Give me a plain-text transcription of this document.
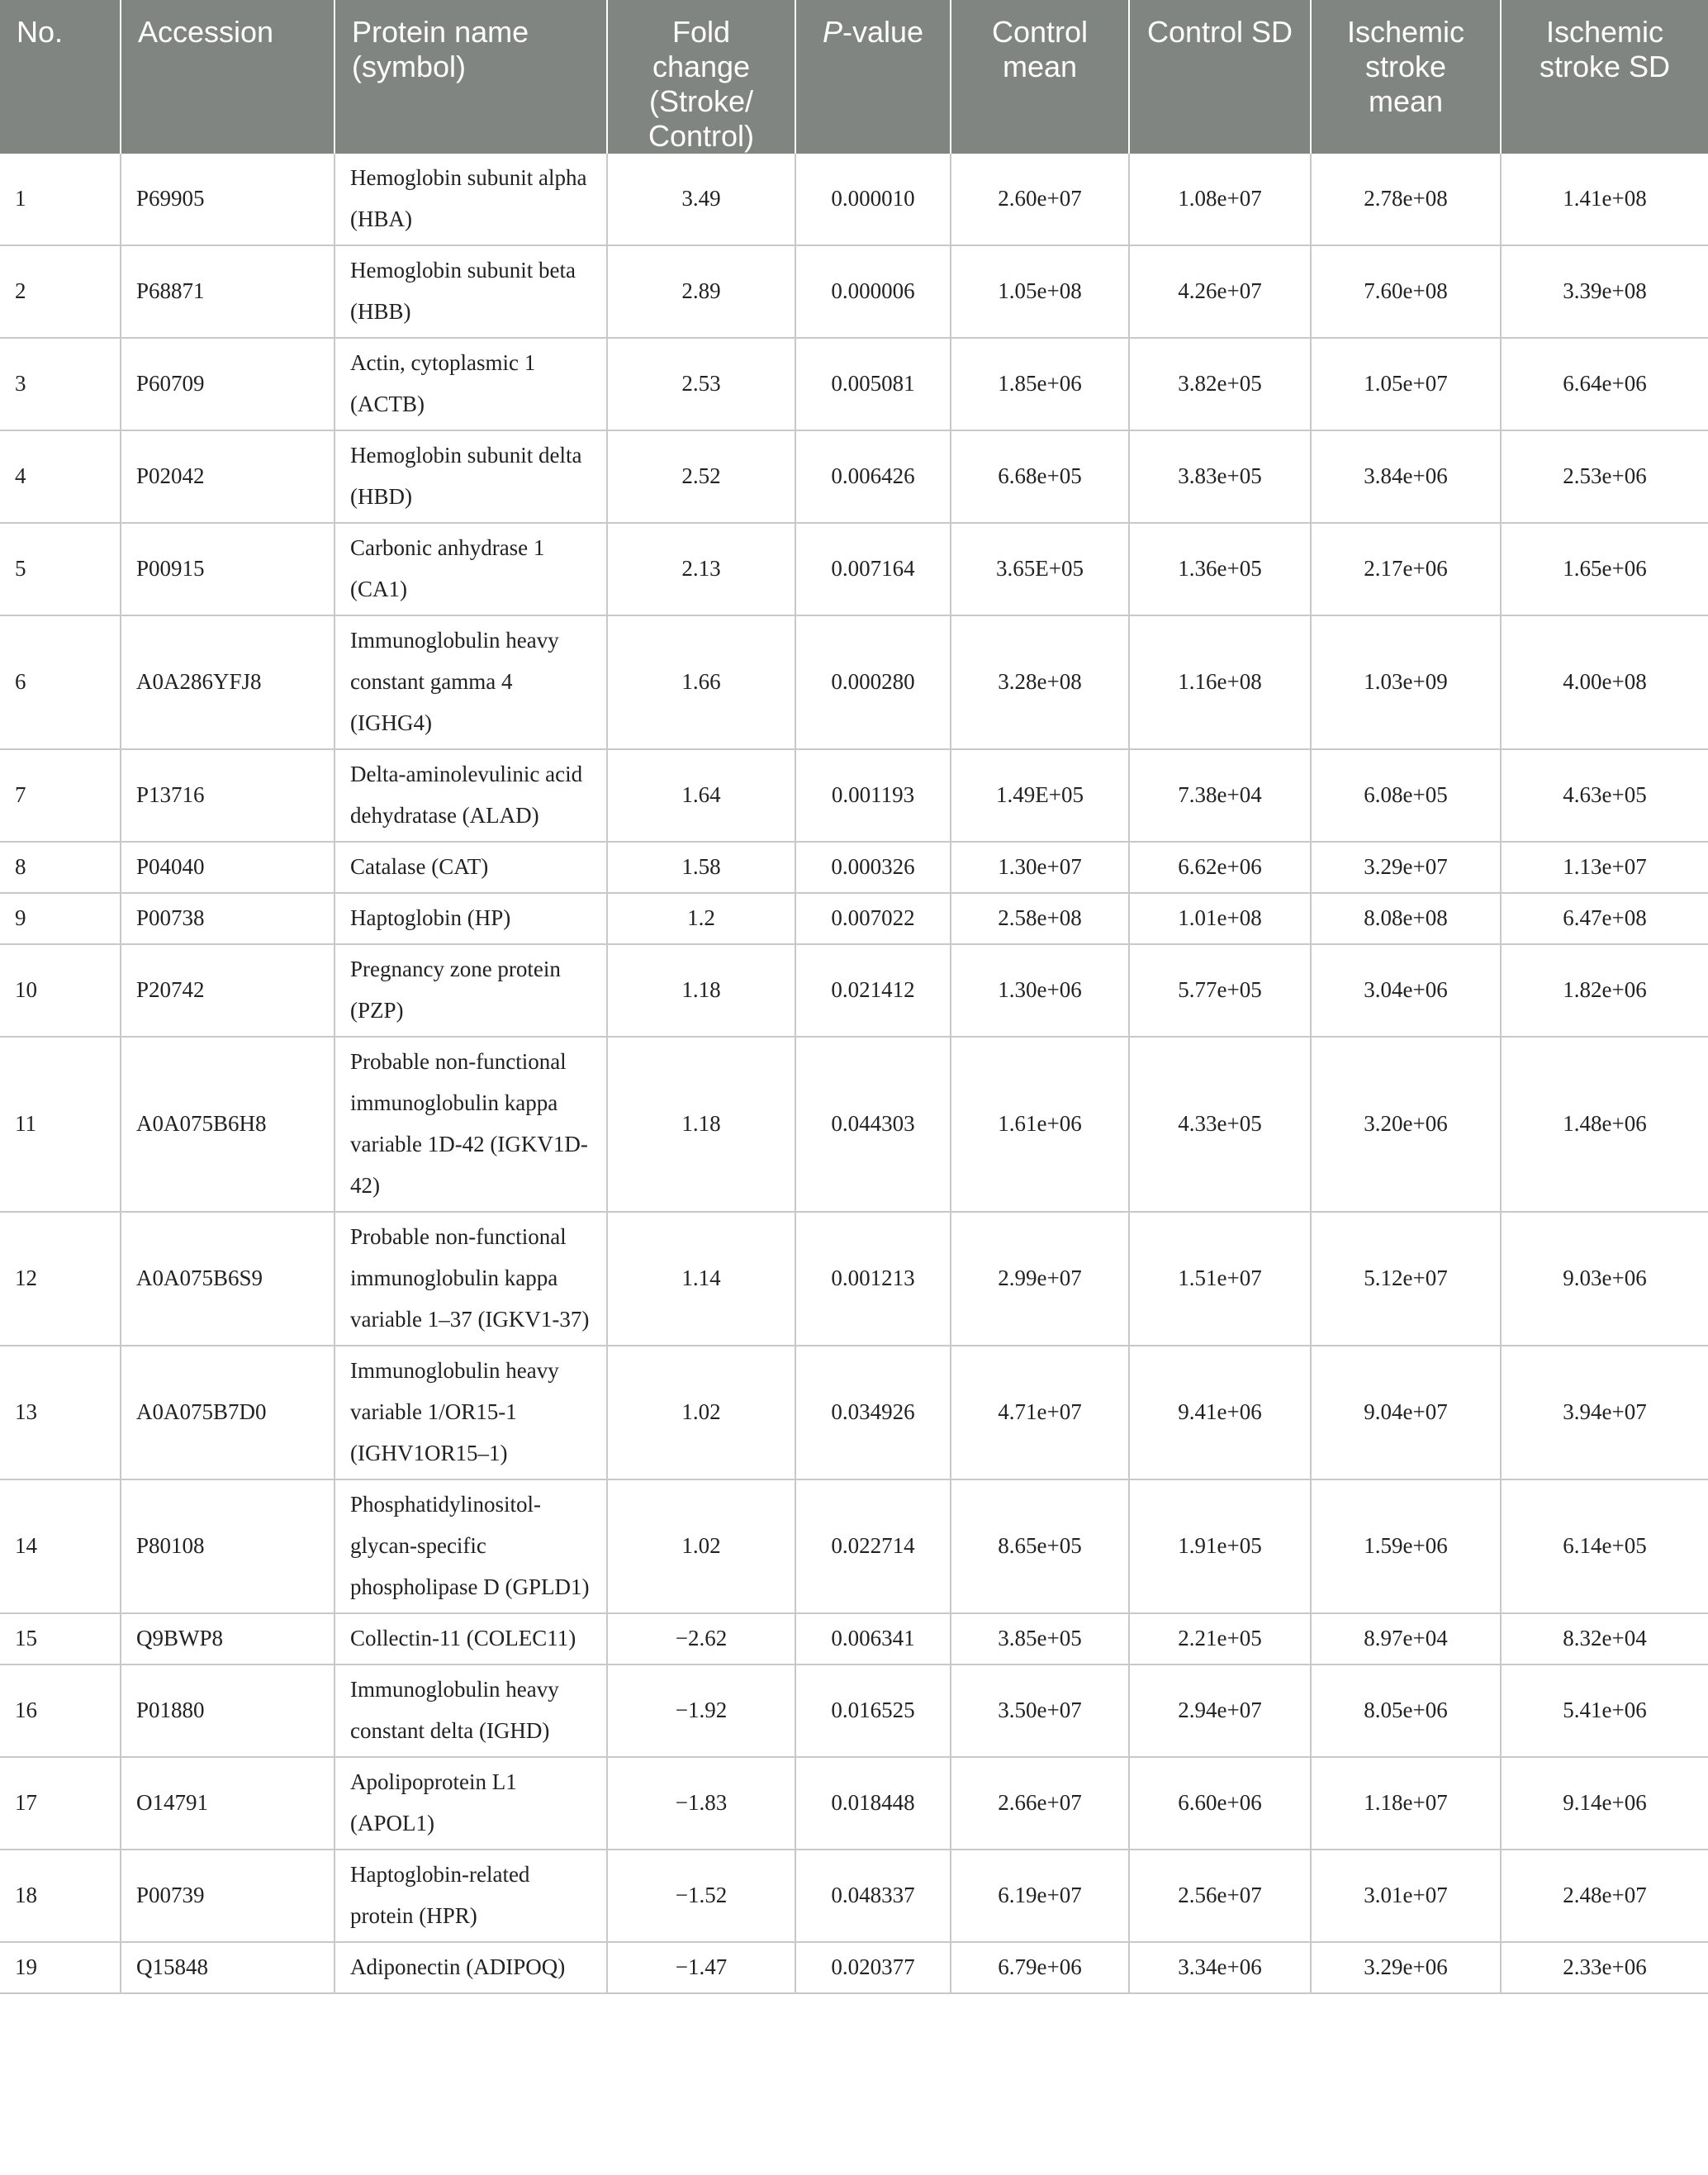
No.	Accession	Protein name (symbol)	Fold change (Stroke/ Control)	P-value	Control mean	Control SD	Ischemic stroke mean	Ischemic stroke SD
1	P69905	Hemoglobin subunit alpha (HBA)	3.49	0.000010	2.60e+07	1.08e+07	2.78e+08	1.41e+08
2	P68871	Hemoglobin subunit beta (HBB)	2.89	0.000006	1.05e+08	4.26e+07	7.60e+08	3.39e+08
3	P60709	Actin, cytoplasmic 1 (ACTB)	2.53	0.005081	1.85e+06	3.82e+05	1.05e+07	6.64e+06
4	P02042	Hemoglobin subunit delta (HBD)	2.52	0.006426	6.68e+05	3.83e+05	3.84e+06	2.53e+06
5	P00915	Carbonic anhydrase 1 (CA1)	2.13	0.007164	3.65E+05	1.36e+05	2.17e+06	1.65e+06
6	A0A286YFJ8	Immunoglobulin heavy constant gamma 4 (IGHG4)	1.66	0.000280	3.28e+08	1.16e+08	1.03e+09	4.00e+08
7	P13716	Delta-aminolevulinic acid dehydratase (ALAD)	1.64	0.001193	1.49E+05	7.38e+04	6.08e+05	4.63e+05
8	P04040	Catalase (CAT)	1.58	0.000326	1.30e+07	6.62e+06	3.29e+07	1.13e+07
9	P00738	Haptoglobin (HP)	1.2	0.007022	2.58e+08	1.01e+08	8.08e+08	6.47e+08
10	P20742	Pregnancy zone protein (PZP)	1.18	0.021412	1.30e+06	5.77e+05	3.04e+06	1.82e+06
11	A0A075B6H8	Probable non-functional immunoglobulin kappa variable 1D-42 (IGKV1D-42)	1.18	0.044303	1.61e+06	4.33e+05	3.20e+06	1.48e+06
12	A0A075B6S9	Probable non-functional immunoglobulin kappa variable 1–37 (IGKV1-37)	1.14	0.001213	2.99e+07	1.51e+07	5.12e+07	9.03e+06
13	A0A075B7D0	Immunoglobulin heavy variable 1/OR15-1 (IGHV1OR15–1)	1.02	0.034926	4.71e+07	9.41e+06	9.04e+07	3.94e+07
14	P80108	Phosphatidylinositol-glycan-specific phospholipase D (GPLD1)	1.02	0.022714	8.65e+05	1.91e+05	1.59e+06	6.14e+05
15	Q9BWP8	Collectin-11 (COLEC11)	−2.62	0.006341	3.85e+05	2.21e+05	8.97e+04	8.32e+04
16	P01880	Immunoglobulin heavy constant delta (IGHD)	−1.92	0.016525	3.50e+07	2.94e+07	8.05e+06	5.41e+06
17	O14791	Apolipoprotein L1 (APOL1)	−1.83	0.018448	2.66e+07	6.60e+06	1.18e+07	9.14e+06
18	P00739	Haptoglobin-related protein (HPR)	−1.52	0.048337	6.19e+07	2.56e+07	3.01e+07	2.48e+07
19	Q15848	Adiponectin (ADIPOQ)	−1.47	0.020377	6.79e+06	3.34e+06	3.29e+06	2.33e+06
